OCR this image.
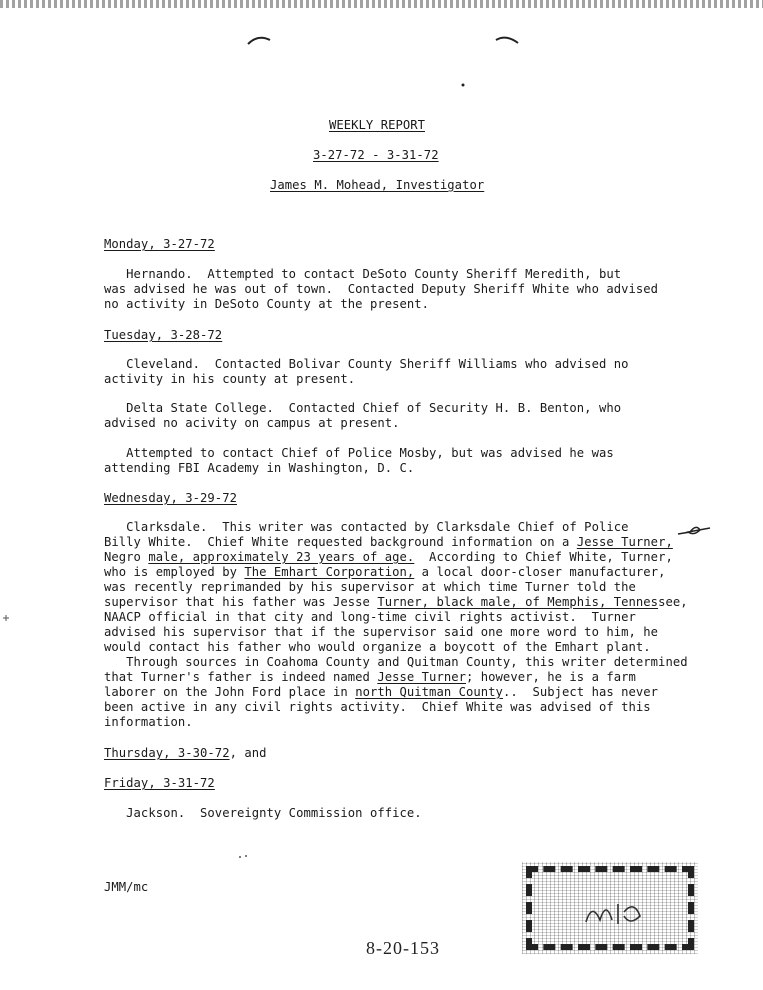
WEEKLY REPORT

3-27-72 - 3-31-72

James M. Mohead, Investigator

Monday, 3-27-72

Hernando.  Attempted to contact DeSoto County Sheriff Meredith, but

was advised he was out of town.  Contacted Deputy Sheriff White who advised

no activity in DeSoto County at the present.

Tuesday, 3-28-72

Cleveland.  Contacted Bolivar County Sheriff Williams who advised no

activity in his county at present.

Delta State College.  Contacted Chief of Security H. B. Benton, who

advised no acivity on campus at present.

Attempted to contact Chief of Police Mosby, but was advised he was

attending FBI Academy in Washington, D. C.

Wednesday, 3-29-72

Clarksdale.  This writer was contacted by Clarksdale Chief of Police

Billy White.  Chief White requested background information on a Jesse Turner,

Negro male, approximately 23 years of age.  According to Chief White, Turner,

who is employed by The Emhart Corporation, a local door-closer manufacturer,

was recently reprimanded by his supervisor at which time Turner told the

supervisor that his father was Jesse Turner, black male, of Memphis, Tennessee,

NAACP official in that city and long-time civil rights activist.  Turner

advised his supervisor that if the supervisor said one more word to him, he

would contact his father who would organize a boycott of the Emhart plant.

Through sources in Coahoma County and Quitman County, this writer determined

that Turner's father is indeed named Jesse Turner; however, he is a farm

laborer on the John Ford place in north Quitman County..  Subject has never

been active in any civil rights activity.  Chief White was advised of this

information.

Thursday, 3-30-72, and

Friday, 3-31-72

Jackson.  Sovereignty Commission office.

JMM/mc

8-20-153
